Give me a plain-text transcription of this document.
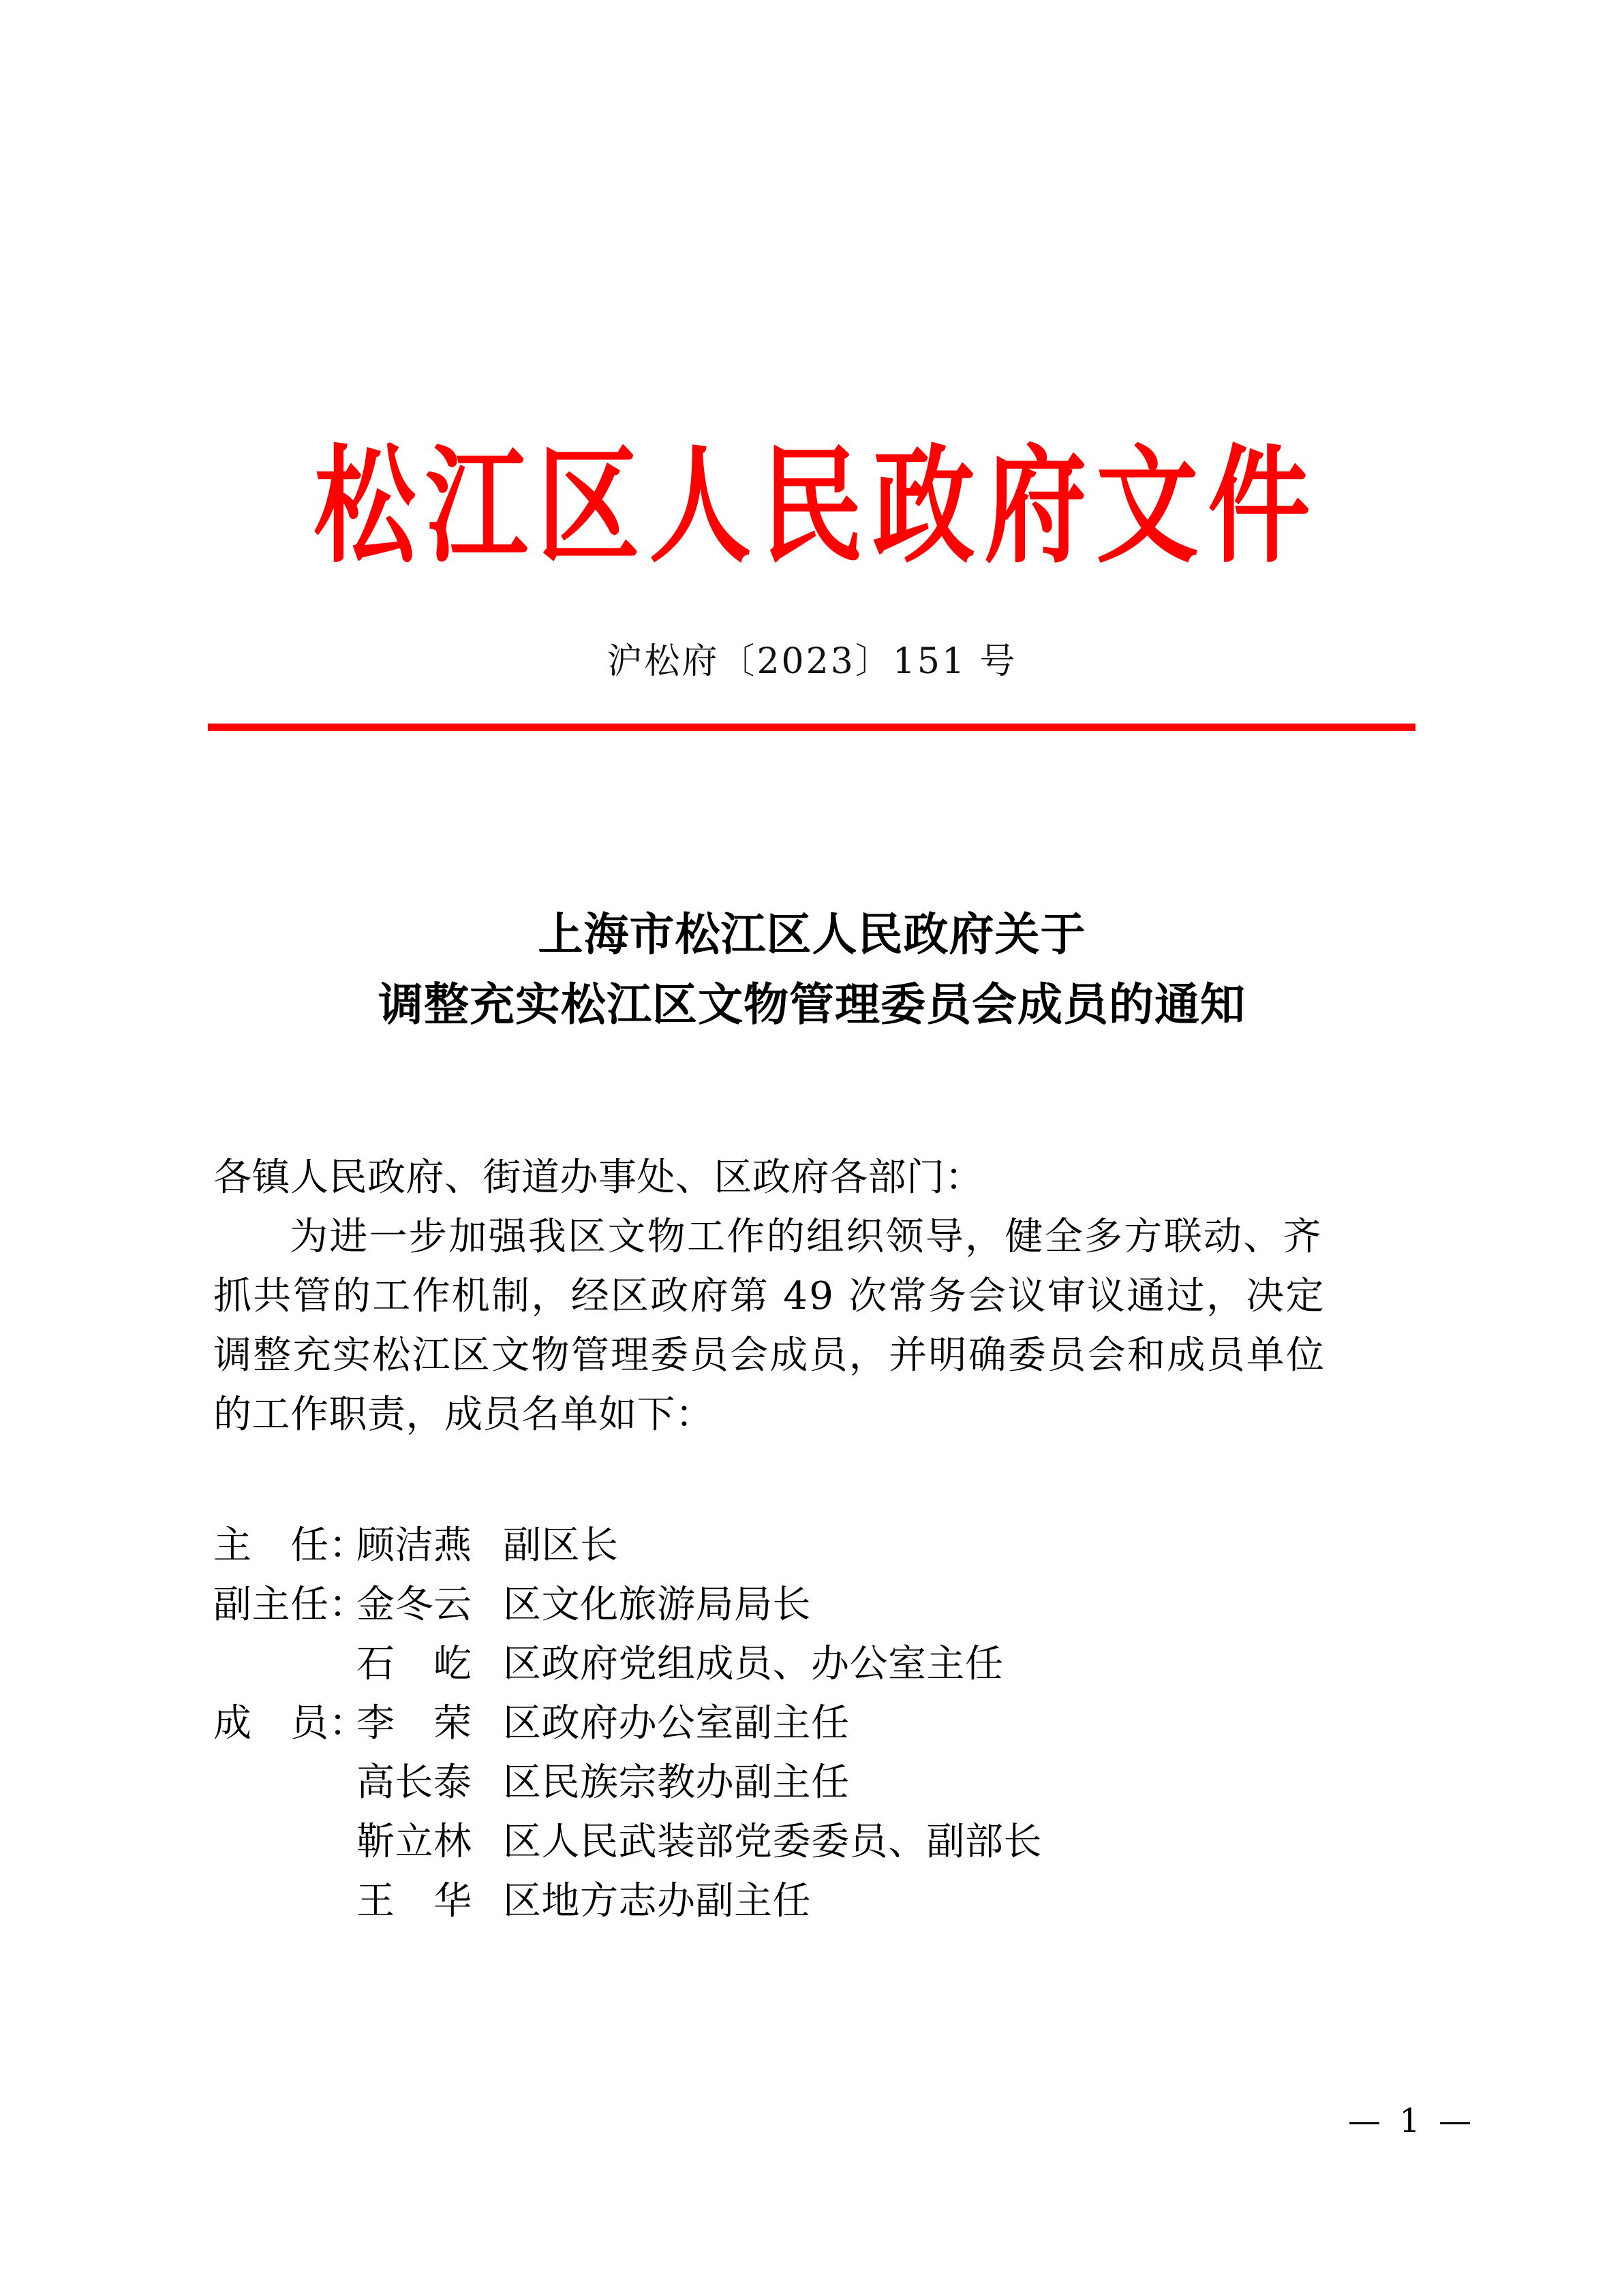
松江区人民政府文件
沪松府〔2023〕151 号
上海市松江区人民政府关于
调整充实松江区文物管理委员会成员的通知
各镇人民政府、街道办事处、区政府各部门：
为进一步加强我区文物工作的组织领导，健全多方联动、齐
抓共管的工作机制，经区政府第 49 次常务会议审议通过，决定
调整充实松江区文物管理委员会成员，并明确委员会和成员单位
的工作职责，成员名单如下：
主　任：
顾洁燕 副区长
副主任：
金冬云 区文化旅游局局长
石　屹 区政府党组成员、办公室主任
成　员：
李　荣 区政府办公室副主任
高长泰 区民族宗教办副主任
靳立林 区人民武装部党委委员、副部长
王　华 区地方志办副主任
— 1 —
